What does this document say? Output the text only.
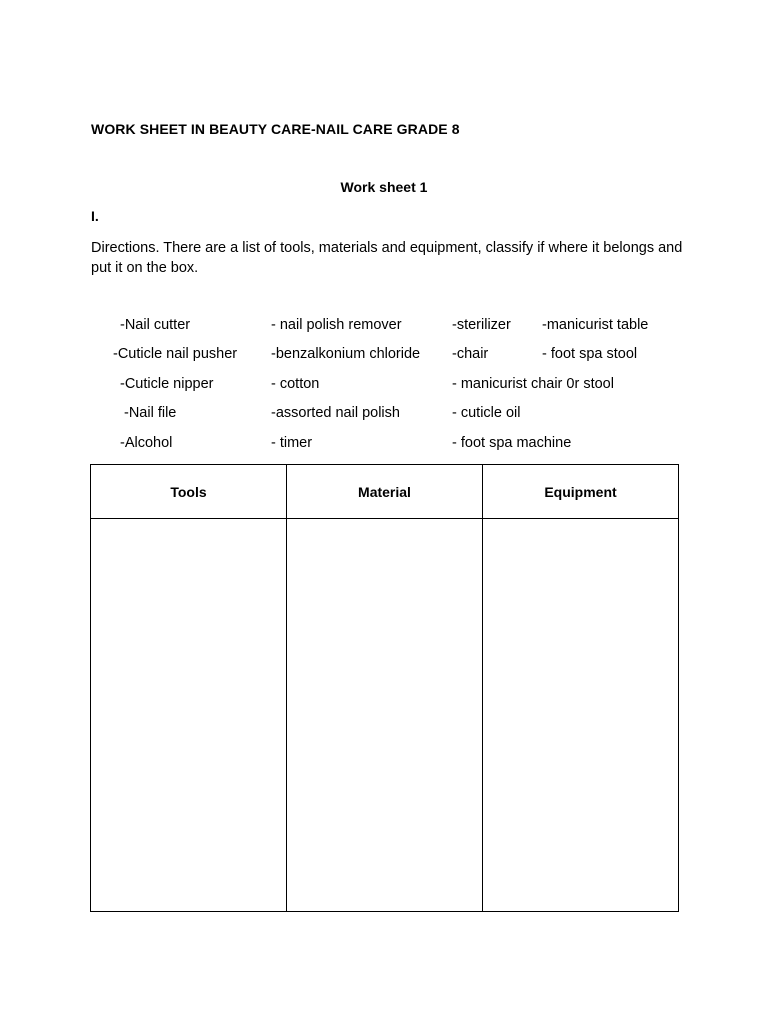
WORK SHEET IN BEAUTY CARE-NAIL CARE GRADE 8
Work sheet 1
I.
Directions. There are a list of tools, materials and equipment, classify if where it belongs and put it on the box.
-Nail cutter
-Cuticle nail pusher
-Cuticle nipper
-Nail file
-Alcohol
- nail polish remover
-benzalkonium chloride
- cotton
-assorted nail polish
- timer
-sterilizer
-chair
- manicurist chair 0r stool
- cuticle oil
- foot spa machine
-manicurist table
- foot spa stool
Tools	Material	Equipment
